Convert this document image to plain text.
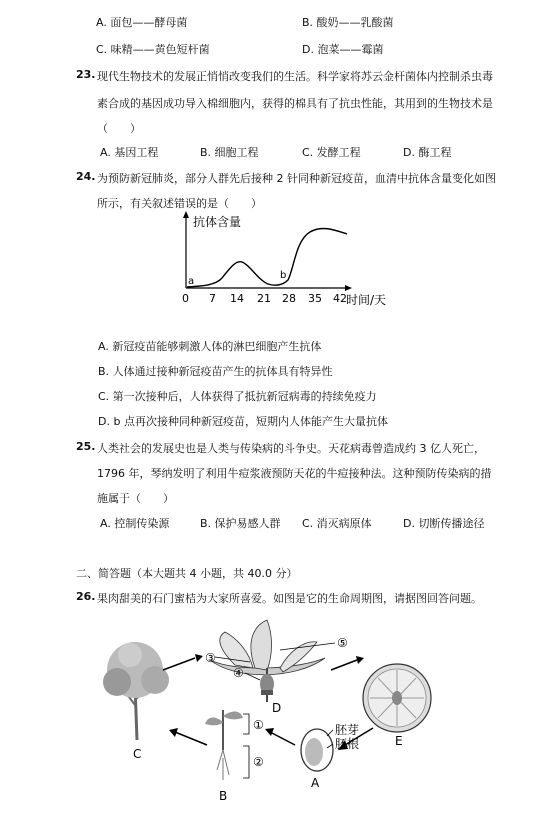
A. 面包——酵母菌	B. 酸奶——乳酸菌
C. 味精——黄色短杆菌	D. 泡菜——霉菌
23. 现代生物技术的发展正悄悄改变我们的生活。科学家将苏云金杆菌体内控制杀虫毒
素合成的基因成功导入棉细胞内，获得的棉具有了抗虫性能，其用到的生物技术是
（　　）
A. 基因工程	B. 细胞工程	C. 发酵工程	D. 酶工程
24. 为预防新冠肺炎，部分人群先后接种 2 针同种新冠疫苗，血清中抗体含量变化如图
所示，有关叙述错误的是（　　）
抗体含量
时间/天
a
b
0 7 14 21 28 35 42
A. 新冠疫苗能够刺激人体的淋巴细胞产生抗体
B. 人体通过接种新冠疫苗产生的抗体具有特异性
C. 第一次接种后，人体获得了抵抗新冠病毒的持续免疫力
D. b 点再次接种同种新冠疫苗，短期内人体能产生大量抗体
25. 人类社会的发展史也是人类与传染病的斗争史。天花病毒曾造成约 3 亿人死亡，
1796 年，琴纳发明了利用牛痘浆液预防天花的牛痘接种法。这种预防传染病的措
施属于（　　）
A. 控制传染源	B. 保护易感人群 C. 消灭病原体	D. 切断传播途径
二、简答题（本大题共 4 小题，共 40.0 分）
26. 果肉甜美的石门蜜桔为大家所喜爱。如图是它的生命周期图，请据图回答问题。
C
③
④
⑤
D
E
胚芽
胚根
A
①
②
B
